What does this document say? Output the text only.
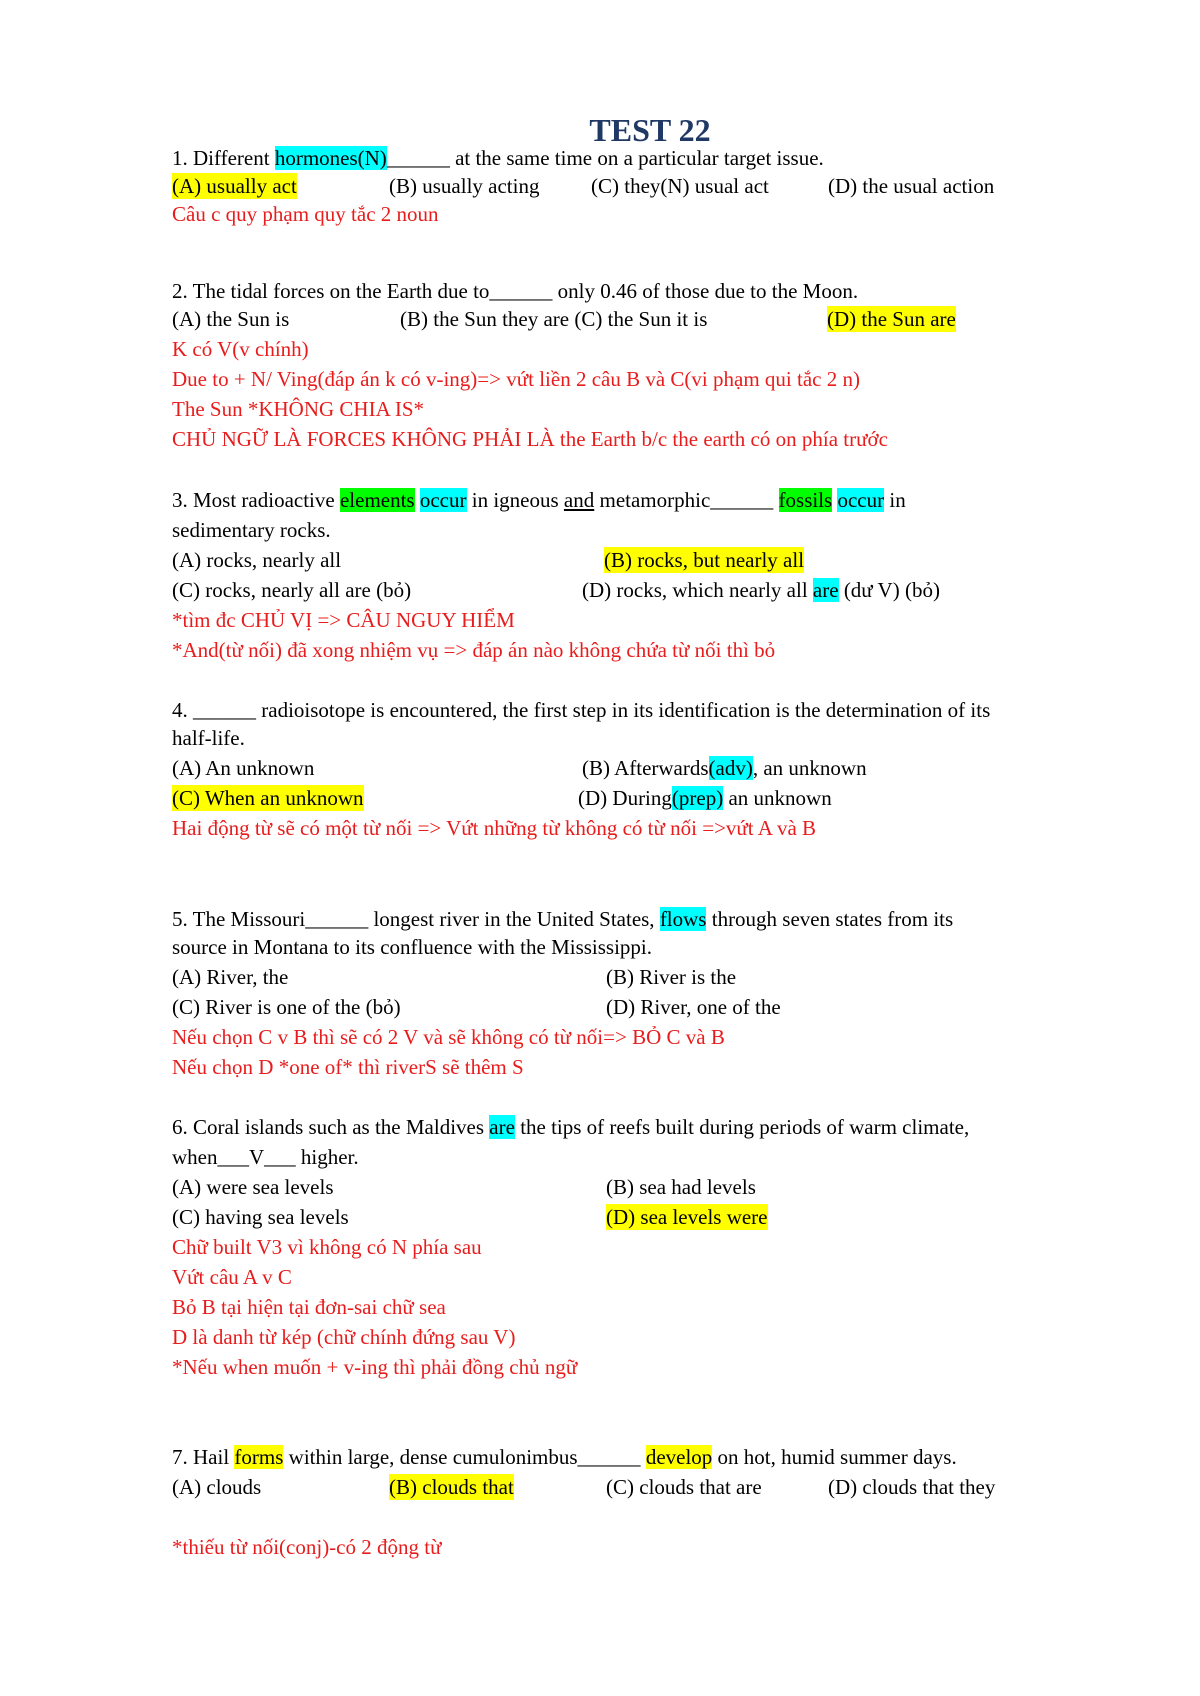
TEST 22
1. Different hormones(N)______ at the same time on a particular target issue.
(A) usually act	(B) usually acting (C) they(N) usual act	(D) the usual action
Câu c quy phạm quy tắc 2 noun
2. The tidal forces on the Earth due to______ only 0.46 of those due to the Moon.
(A) the Sun is	(B) the Sun they are (C) the Sun it is	(D) the Sun are
K có V(v chính)
Due to + N/ Ving(đáp án k có v-ing)=> vứt liền 2 câu B và C(vi phạm qui tắc 2 n)
The Sun *KHÔNG CHIA IS*
CHỦ NGỮ LÀ FORCES KHÔNG PHẢI LÀ the Earth b/c the earth có on phía trước
3. Most radioactive elements occur in igneous and metamorphic______ fossils occur in
sedimentary rocks.
(A) rocks, nearly all	(B) rocks, but nearly all
(C) rocks, nearly all are (bỏ)	(D) rocks, which nearly all are (dư V) (bỏ)
*tìm đc CHỦ VỊ => CÂU NGUY HIỂM
*And(từ nối) đã xong nhiệm vụ => đáp án nào không chứa từ nối thì bỏ
4. ______ radioisotope is encountered, the first step in its identification is the determination of its
half-life.
(A) An unknown	(B) Afterwards(adv), an unknown
(C) When an unknown	(D) During(prep) an unknown
Hai động từ sẽ có một từ nối => Vứt những từ không có từ nối =>vứt A và B
5. The Missouri______ longest river in the United States, flows through seven states from its
source in Montana to its confluence with the Mississippi.
(A) River, the	(B) River is the
(C) River is one of the (bỏ)	(D) River, one of the
Nếu chọn C v B thì sẽ có 2 V và sẽ không có từ nối=> BỎ C và B
Nếu chọn D *one of* thì riverS sẽ thêm S
6. Coral islands such as the Maldives are the tips of reefs built during periods of warm climate,
when___V___ higher.
(A) were sea levels	(B) sea had levels
(C) having sea levels	(D) sea levels were
Chữ built V3 vì không có N phía sau
Vứt câu A v C
Bỏ B tại hiện tại đơn-sai chữ sea
D là danh từ kép (chữ chính đứng sau V)
*Nếu when muốn + v-ing thì phải đồng chủ ngữ
7. Hail forms within large, dense cumulonimbus______ develop on hot, humid summer days.
(A) clouds	(B) clouds that	(C) clouds that are	(D) clouds that they
*thiếu từ nối(conj)-có 2 động từ
